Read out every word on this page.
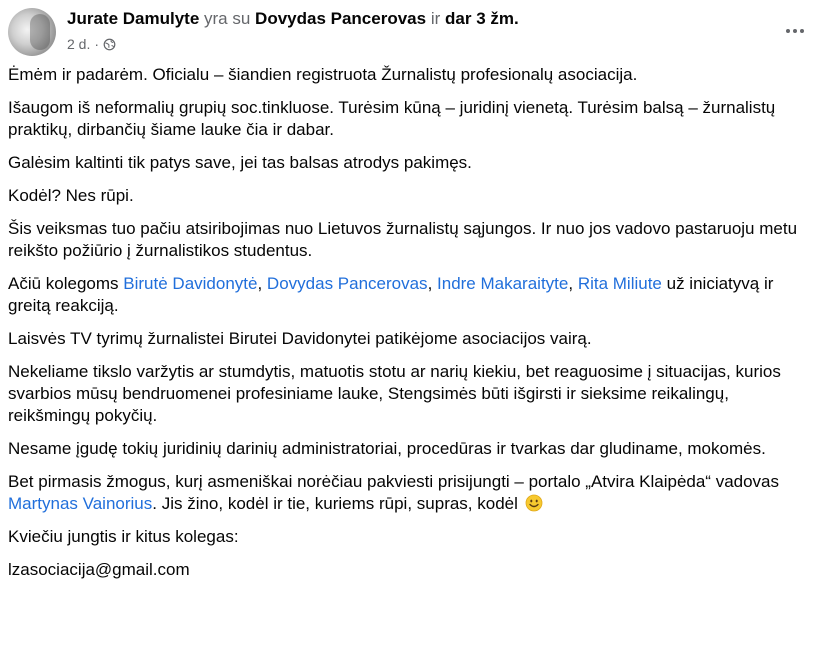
Jurate Damulyte yra su Dovydas Pancerovas ir dar 3 žm.
2 d. ·

Ėmėm ir padarėm. Oficialu – šiandien registruota Žurnalistų profesionalų asociacija.

Išaugom iš neformalių grupių soc.tinkluose. Turėsim kūną – juridinį vienetą. Turėsim balsą – žurnalistų praktikų, dirbančių šiame lauke čia ir dabar.

Galėsim kaltinti tik patys save, jei tas balsas atrodys pakimęs.

Kodėl? Nes rūpi.

Šis veiksmas tuo pačiu atsiribojimas nuo Lietuvos žurnalistų sąjungos. Ir nuo jos vadovo pastaruoju metu reikšto požiūrio į žurnalistikos studentus.

Ačiū kolegoms Birutė Davidonytė, Dovydas Pancerovas, Indre Makaraityte, Rita Miliute už iniciatyvą ir greitą reakciją.

Laisvės TV tyrimų žurnalistei Birutei Davidonytei patikėjome asociacijos vairą.

Nekeliame tikslo varžytis ar stumdytis, matuotis stotu ar narių kiekiu, bet reaguosime į situacijas, kurios svarbios mūsų bendruomenei profesiniame lauke, Stengsimės būti išgirsti ir sieksime reikalingų, reikšmingų pokyčių.

Nesame įgudę tokių juridinių darinių administratoriai, procedūras ir tvarkas dar gludiname, mokomės.

Bet pirmasis žmogus, kurį asmeniškai norėčiau pakviesti prisijungti – portalo „Atvira Klaipėda“ vadovas Martynas Vainorius. Jis žino, kodėl ir tie, kuriems rūpi, supras, kodėl

Kviečiu jungtis ir kitus kolegas:

lzasociacija@gmail.com
